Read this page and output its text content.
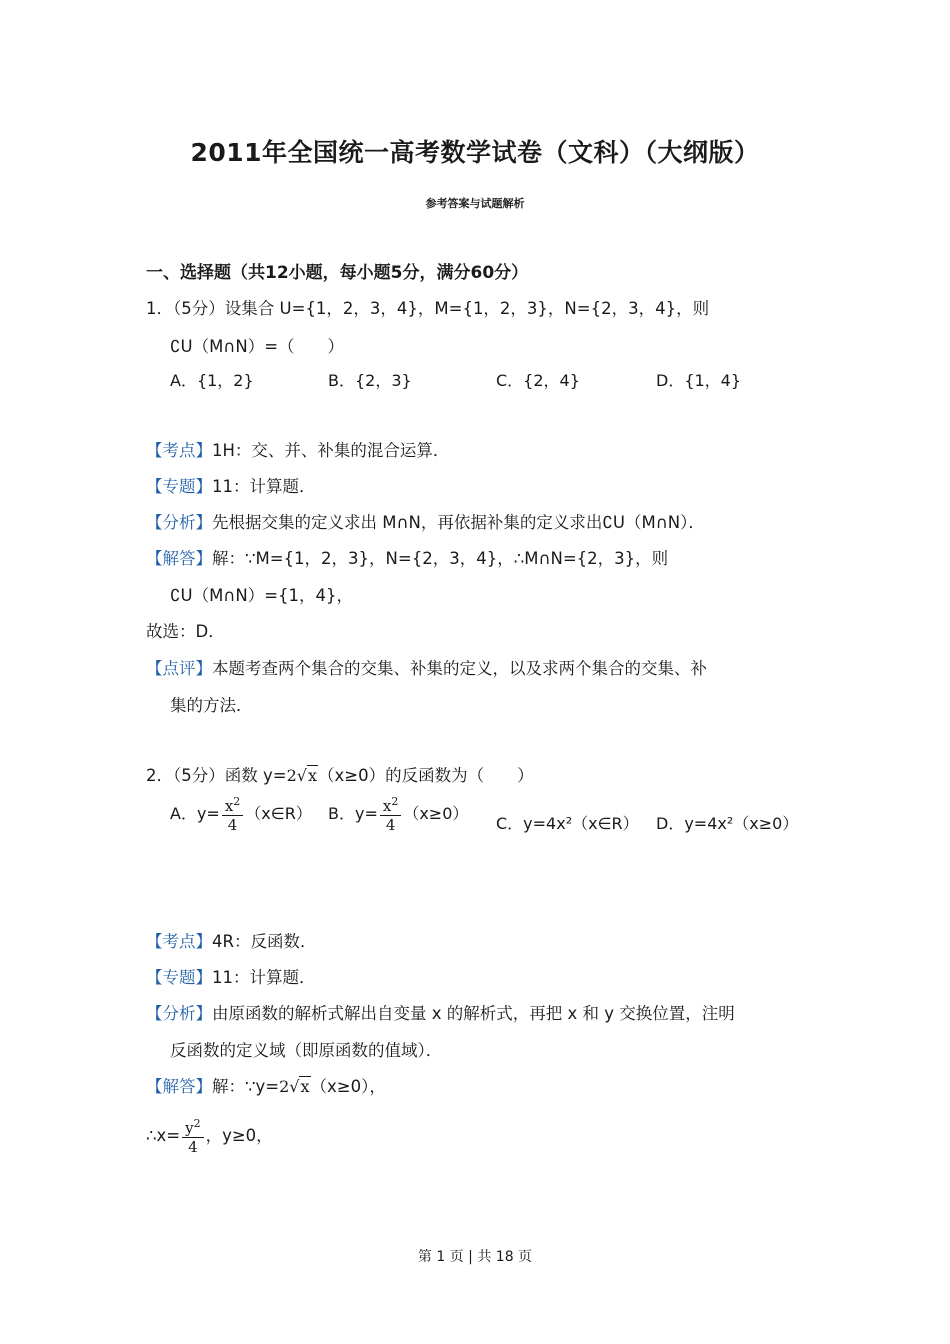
2011年全国统一高考数学试卷（文科）（大纲版）
参考答案与试题解析
一、选择题（共12小题，每小题5分，满分60分）
1．（5分）设集合 U={1，2，3，4}，M={1，2，3}，N={2，3，4}，则
∁U（M∩N）=（　　）
A．{1，2}	B．{2，3}	C．{2，4}	D．{1，4}
【考点】1H：交、并、补集的混合运算．
【专题】11：计算题．
【分析】先根据交集的定义求出 M∩N，再依据补集的定义求出∁U（M∩N）．
【解答】解：∵M={1，2，3}，N={2，3，4}，∴M∩N={2，3}，则
∁U（M∩N）={1，4}，
故选：D．
【点评】本题考查两个集合的交集、补集的定义，以及求两个集合的交集、补
集的方法．
2．（5分）函数 y=2√x（x≥0）的反函数为（　　）
A．$y= \frac{x^2}{4}$ （x∈R） B．$y= \frac{x^2}{4} (x\ge 0)$
C．y=4x²（x∈R） D．y=4x²（x≥0）
【考点】4R：反函数．
【专题】11：计算题．
【分析】由原函数的解析式解出自变量 x 的解析式，再把 x 和 y 交换位置，注明
反函数的定义域（即原函数的值域）．
【解答】解：∵y=2√x（x≥0），
∴x= $\frac{y^2}{4}$ ，y≥0，
第 1 页 | 共 18 页
